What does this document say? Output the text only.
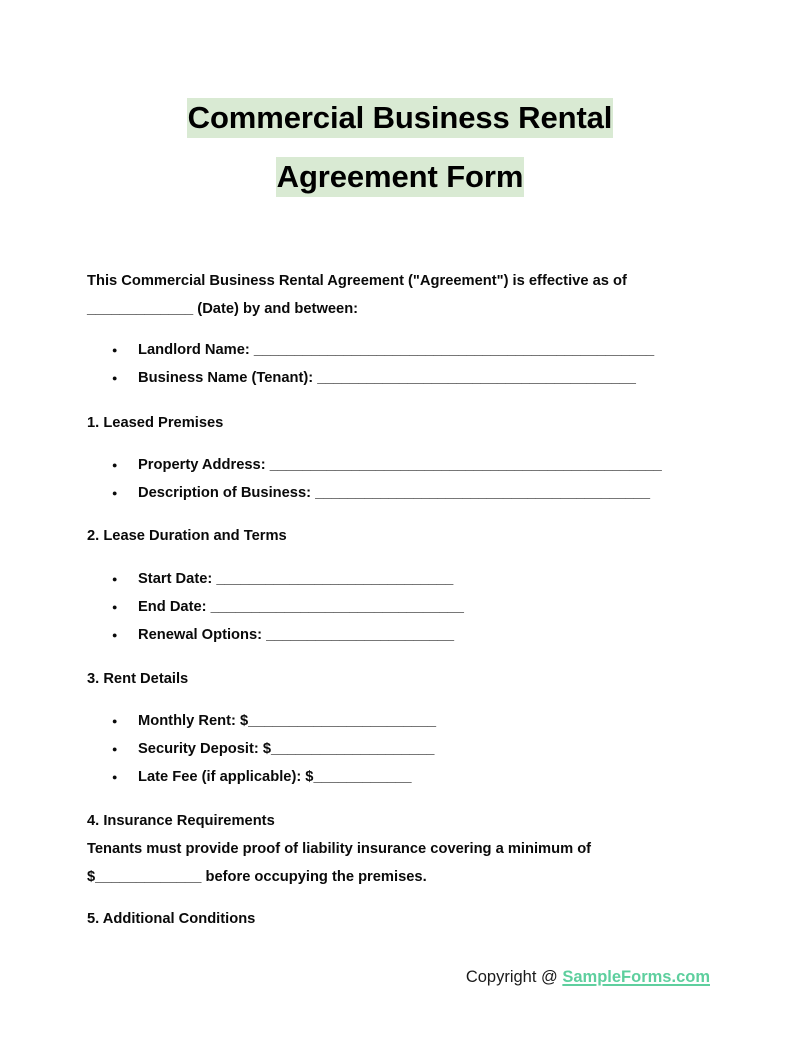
Commercial Business Rental
Agreement Form
This Commercial Business Rental Agreement ("Agreement") is effective as of _____________ (Date) by and between:
● Landlord Name: _________________________________________________
● Business Name (Tenant): _______________________________________
1. Leased Premises
● Property Address: ________________________________________________
● Description of Business: _________________________________________
2. Lease Duration and Terms
● Start Date: _____________________________
● End Date: _______________________________
● Renewal Options: _______________________
3. Rent Details
● Monthly Rent: $_______________________
● Security Deposit: $____________________
● Late Fee (if applicable): $____________
4. Insurance Requirements
Tenants must provide proof of liability insurance covering a minimum of
$_____________ before occupying the premises.
5. Additional Conditions
Copyright @ SampleForms.com
